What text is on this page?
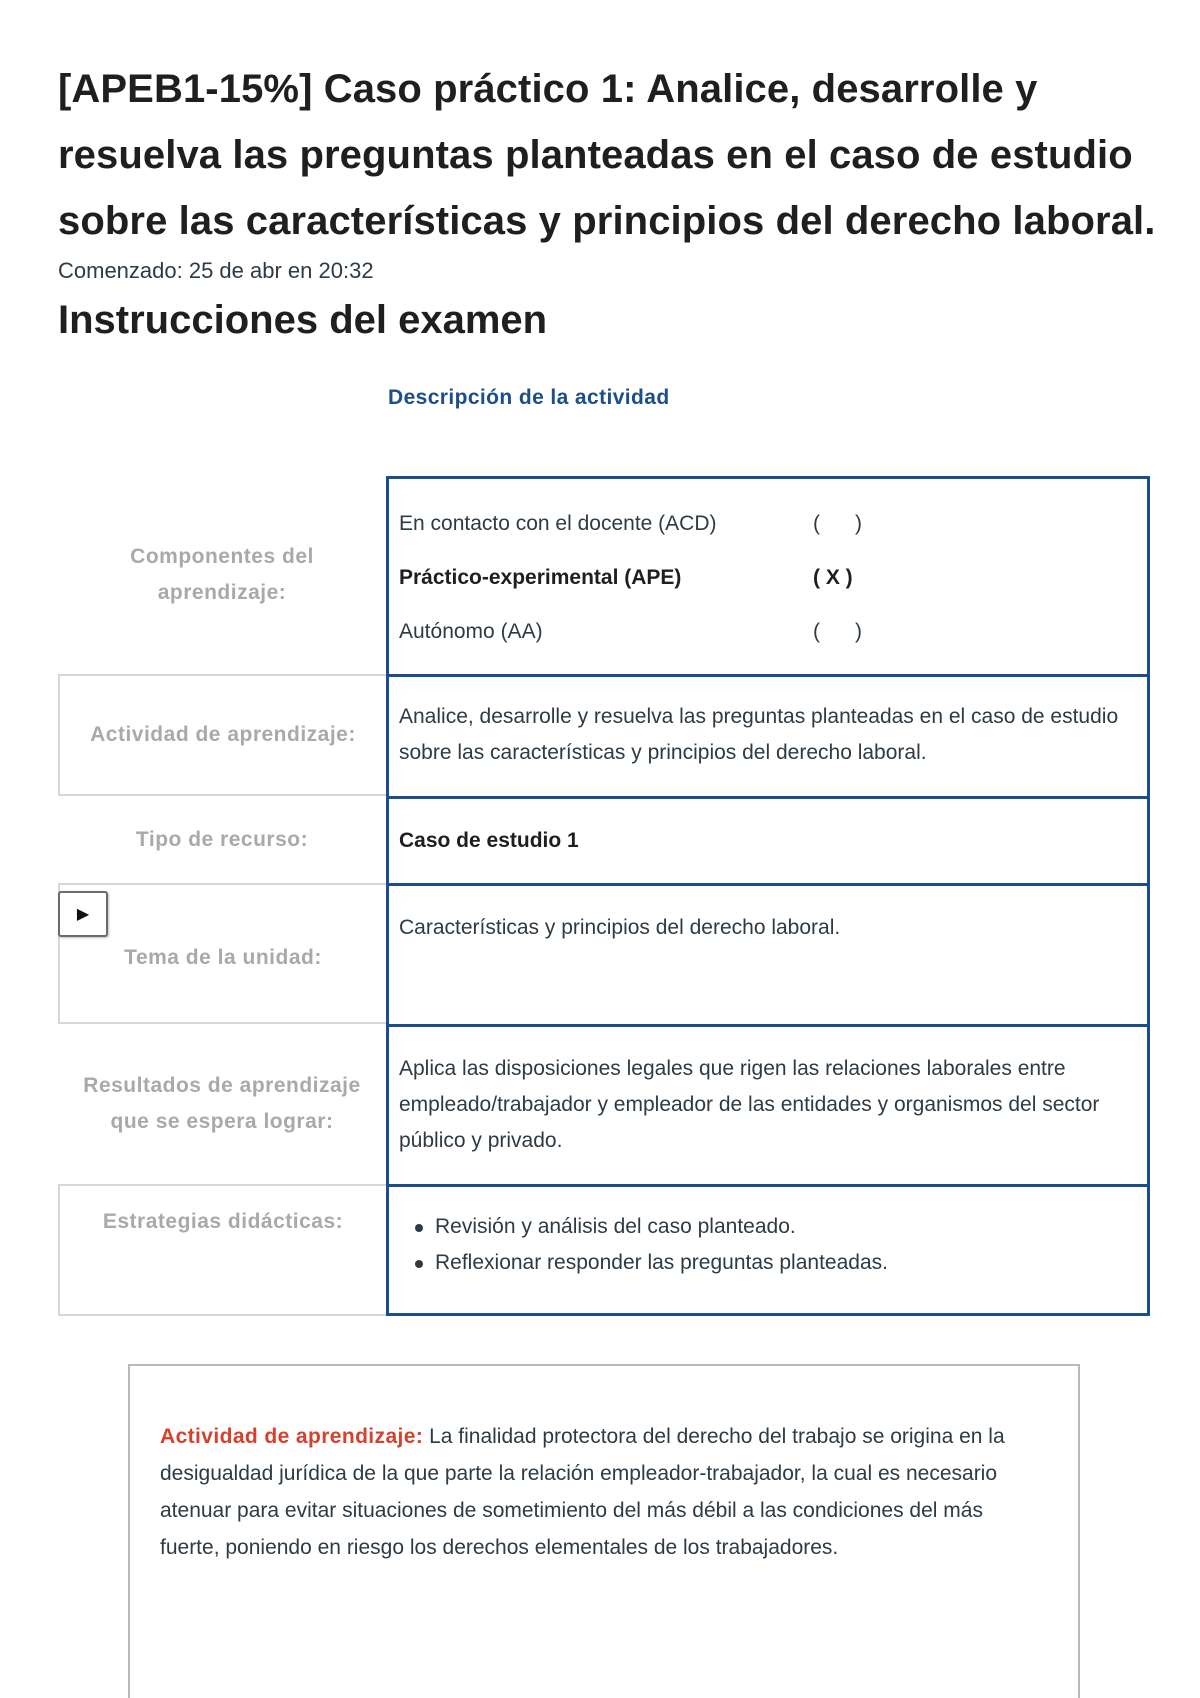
[APEB1-15%] Caso práctico 1: Analice, desarrolle y resuelva las preguntas planteadas en el caso de estudio sobre las características y principios del derecho laboral.
Comenzado: 25 de abr en 20:32
Instrucciones del examen
Descripción de la actividad
Componentes del aprendizaje:
En contacto con el docente (ACD)	(      )
Práctico-experimental (APE)	( X )
Autónomo (AA)	(      )
Actividad de aprendizaje:
Analice, desarrolle y resuelva las preguntas planteadas en el caso de estudio sobre las características y principios del derecho laboral.
Tipo de recurso:	Caso de estudio 1
Tema de la unidad:
Características y principios del derecho laboral.
▶
Resultados de aprendizaje que se espera lograr:
Aplica las disposiciones legales que rigen las relaciones laborales entre empleado/trabajador y empleador de las entidades y organismos del sector público y privado.
Estrategias didácticas:	Revisión y análisis del caso planteado.
Reflexionar responder las preguntas planteadas.
Actividad de aprendizaje: La finalidad protectora del derecho del trabajo se origina en la desigualdad jurídica de la que parte la relación empleador-trabajador, la cual es necesario atenuar para evitar situaciones de sometimiento del más débil a las condiciones del más fuerte, poniendo en riesgo los derechos elementales de los trabajadores.
